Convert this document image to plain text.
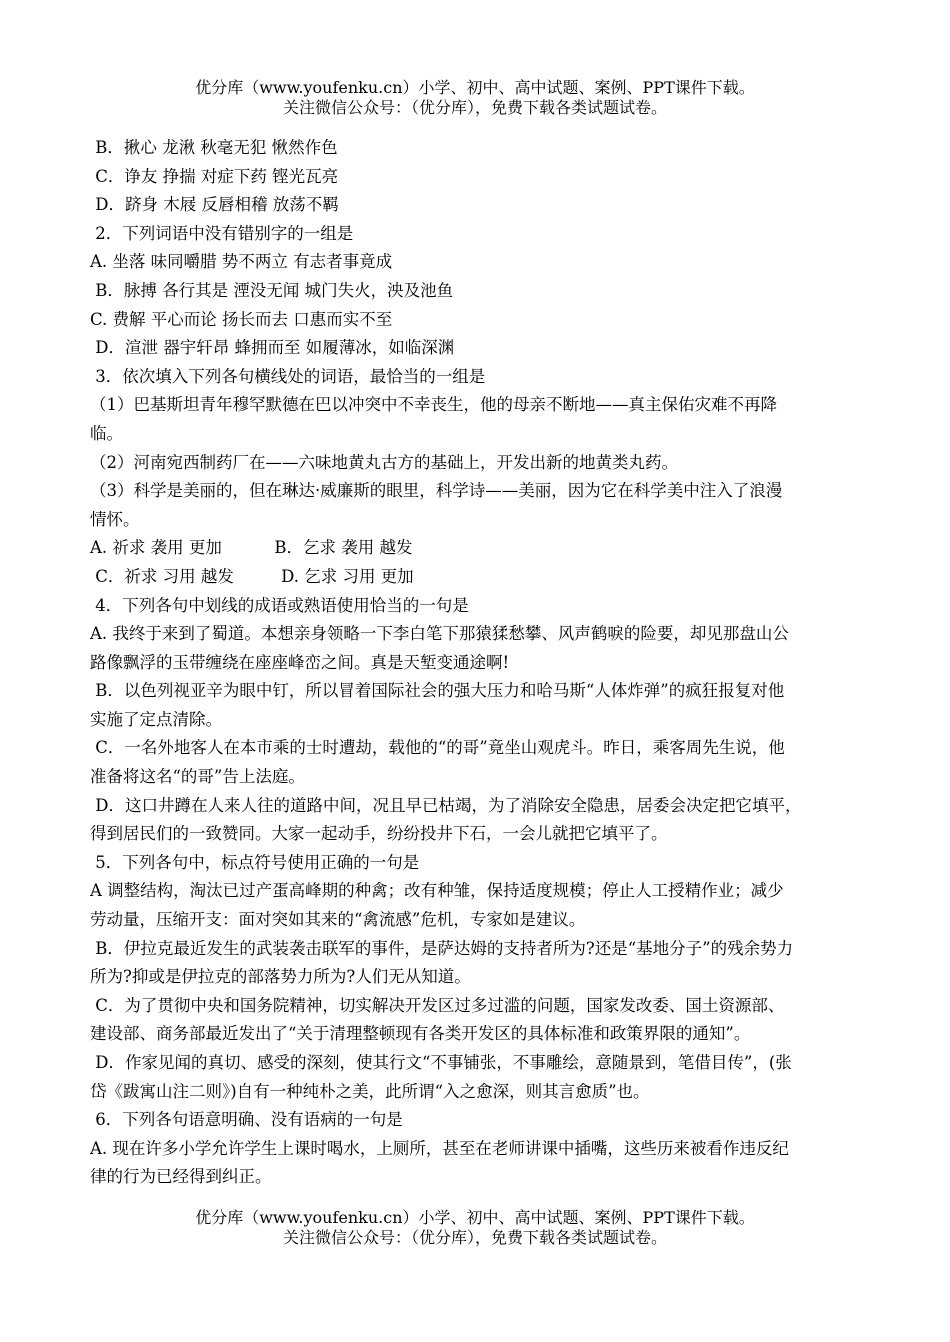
优分库（www.youfenku.cn）小学、初中、高中试题、案例、PPT课件下载。
关注微信公众号：（优分库），免费下载各类试题试卷。
B．揪心 龙湫 秋毫无犯 愀然作色
C．诤友 挣揣 对症下药 铿光瓦亮
D．跻身 木屐 反唇相稽 放荡不羁
2．下列词语中没有错别字的一组是
A. 坐落 味同嚼腊 势不两立 有志者事竟成
B．脉搏 各行其是 湮没无闻 城门失火，泱及池鱼
C. 费解 平心而论 扬长而去 口惠而实不至
D．渲泄 器宇轩昂 蜂拥而至 如履薄冰，如临深渊
3．依次填入下列各句横线处的词语，最恰当的一组是
（1）巴基斯坦青年穆罕默德在巴以冲突中不幸丧生，他的母亲不断地——真主保佑灾难不再降
临。
（2）河南宛西制药厂在——六味地黄丸古方的基础上，开发出新的地黄类丸药。
（3）科学是美丽的，但在琳达·威廉斯的眼里，科学诗——美丽，因为它在科学美中注入了浪漫
情怀。
A. 祈求 袭用 更加          B．乞求 袭用 越发
C．祈求 习用 越发         D. 乞求 习用 更加
4．下列各句中划线的成语或熟语使用恰当的一句是
A. 我终于来到了蜀道。本想亲身领略一下李白笔下那猿猱愁攀、风声鹤唳的险要，却见那盘山公
路像飘浮的玉带缠绕在座座峰峦之间。真是天堑变通途啊!
B．以色列视亚辛为眼中钉，所以冒着国际社会的强大压力和哈马斯“人体炸弹”的疯狂报复对他
实施了定点清除。
C．一名外地客人在本市乘的士时遭劫，载他的“的哥”竟坐山观虎斗。昨日，乘客周先生说，他
准备将这名“的哥”告上法庭。
D．这口井蹲在人来人往的道路中间，况且早已枯竭，为了消除安全隐患，居委会决定把它填平，
得到居民们的一致赞同。大家一起动手，纷纷投井下石，一会儿就把它填平了。
5．下列各句中，标点符号使用正确的一句是
A 调整结构，淘汰已过产蛋高峰期的种禽；改有种雏，保持适度规模；停止人工授精作业；减少
劳动量，压缩开支：面对突如其来的“禽流感”危机，专家如是建议。
B．伊拉克最近发生的武装袭击联军的事件，是萨达姆的支持者所为?还是“基地分子”的残余势力
所为?抑或是伊拉克的部落势力所为?人们无从知道。
C．为了贯彻中央和国务院精神，切实解决开发区过多过滥的问题，国家发改委、国土资源部、
建设部、商务部最近发出了“关于清理整顿现有各类开发区的具体标准和政策界限的通知”。
D．作家见闻的真切、感受的深刻，使其行文“不事铺张，不事雕绘，意随景到，笔借目传”，(张
岱《跋寓山注二则》)自有一种纯朴之美，此所谓“入之愈深，则其言愈质”也。
6．下列各句语意明确、没有语病的一句是
A. 现在许多小学允许学生上课时喝水，上厕所，甚至在老师讲课中插嘴，这些历来被看作违反纪
律的行为已经得到纠正。
优分库（www.youfenku.cn）小学、初中、高中试题、案例、PPT课件下载。
关注微信公众号：（优分库），免费下载各类试题试卷。
